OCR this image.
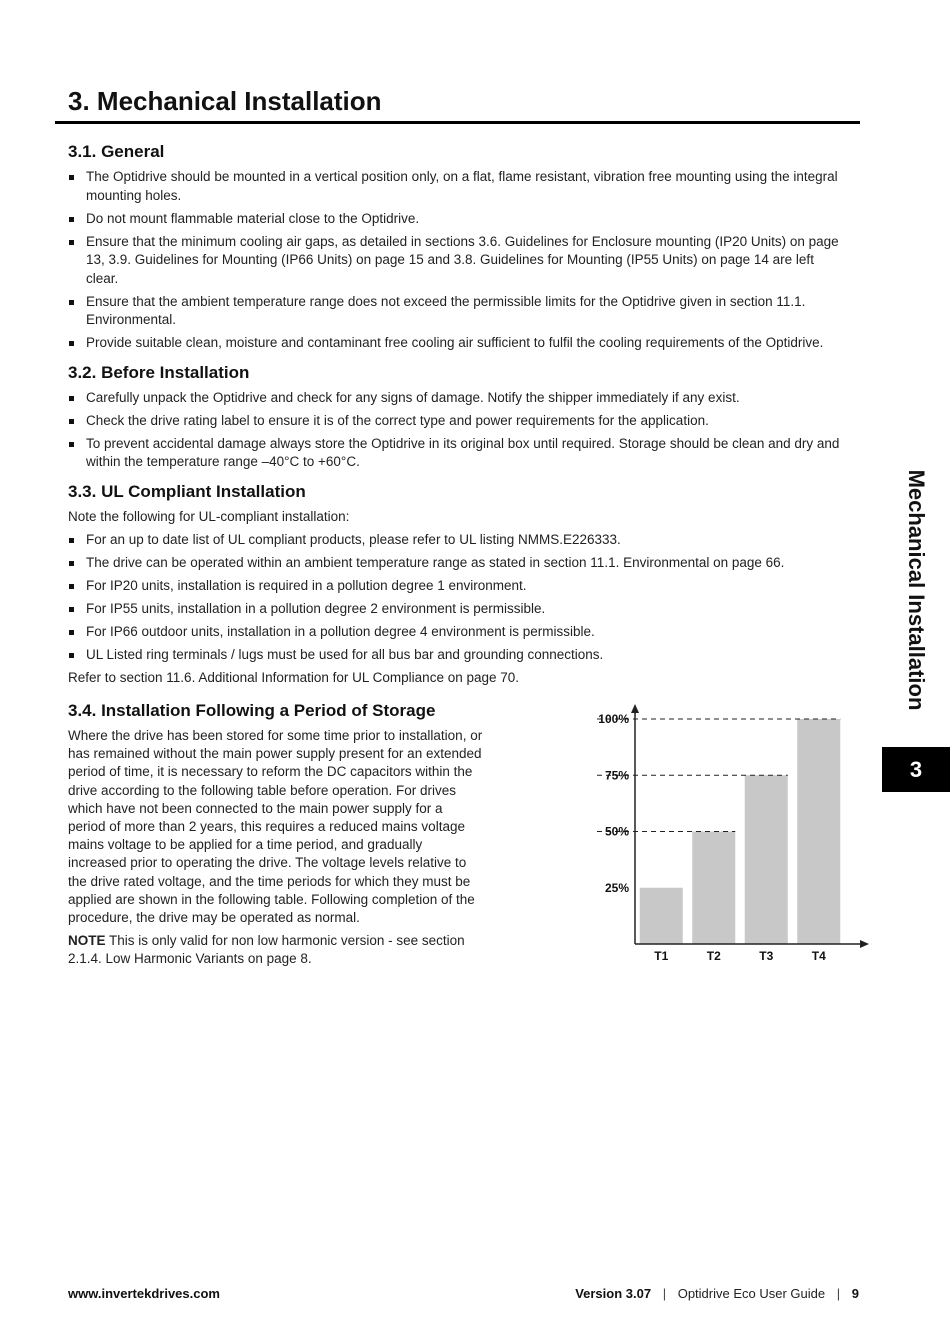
3. Mechanical Installation
3.1. General
The Optidrive should be mounted in a vertical position only, on a flat, flame resistant, vibration free mounting using the integral mounting holes.
Do not mount flammable material close to the Optidrive.
Ensure that the minimum cooling air gaps, as detailed in sections 3.6. Guidelines for Enclosure mounting (IP20 Units) on page 13, 3.9. Guidelines for Mounting (IP66 Units) on page 15 and 3.8. Guidelines for Mounting (IP55 Units) on page 14 are left clear.
Ensure that the ambient temperature range does not exceed the permissible limits for the Optidrive given in section 11.1. Environmental.
Provide suitable clean, moisture and contaminant free cooling air sufficient to fulfil the cooling requirements of the Optidrive.
3.2. Before Installation
Carefully unpack the Optidrive and check for any signs of damage. Notify the shipper immediately if any exist.
Check the drive rating label to ensure it is of the correct type and power requirements for the application.
To prevent accidental damage always store the Optidrive in its original box until required. Storage should be clean and dry and within the temperature range –40°C to +60°C.
3.3. UL Compliant Installation

Note the following for UL-compliant installation:

For an up to date list of UL compliant products, please refer to UL listing NMMS.E226333.
The drive can be operated within an ambient temperature range as stated in section 11.1. Environmental on page 66.
For IP20 units, installation is required in a pollution degree 1 environment.
For IP55 units, installation in a pollution degree 2 environment is permissible.
For IP66 outdoor units, installation in a pollution degree 4 environment is permissible.
UL Listed ring terminals / lugs must be used for all bus bar and grounding connections.

Refer to section 11.6. Additional Information for UL Compliance on page 70.

3.4. Installation Following a Period of Storage

Where the drive has been stored for some time prior to installation, or has remained without the main power supply present for an extended period of time, it is necessary to reform the DC capacitors within the drive according to the following table before operation. For drives which have not been connected to the main power supply for a period of more than 2 years, this requires a reduced mains voltage mains voltage to be applied for a time period, and gradually increased prior to operating the drive. The voltage levels relative to the drive rated voltage, and the time periods for which they must be applied are shown in the following table. Following completion of the procedure, the drive may be operated as normal.

NOTE This is only valid for non low harmonic version - see section 2.1.4. Low Harmonic Variants on page 8.

25%
50%
75%
100%
T1	T2	T3	T4
Mechanical Installation
3
www.invertekdrives.com	Version 3.07 | Optidrive Eco User Guide | 9
